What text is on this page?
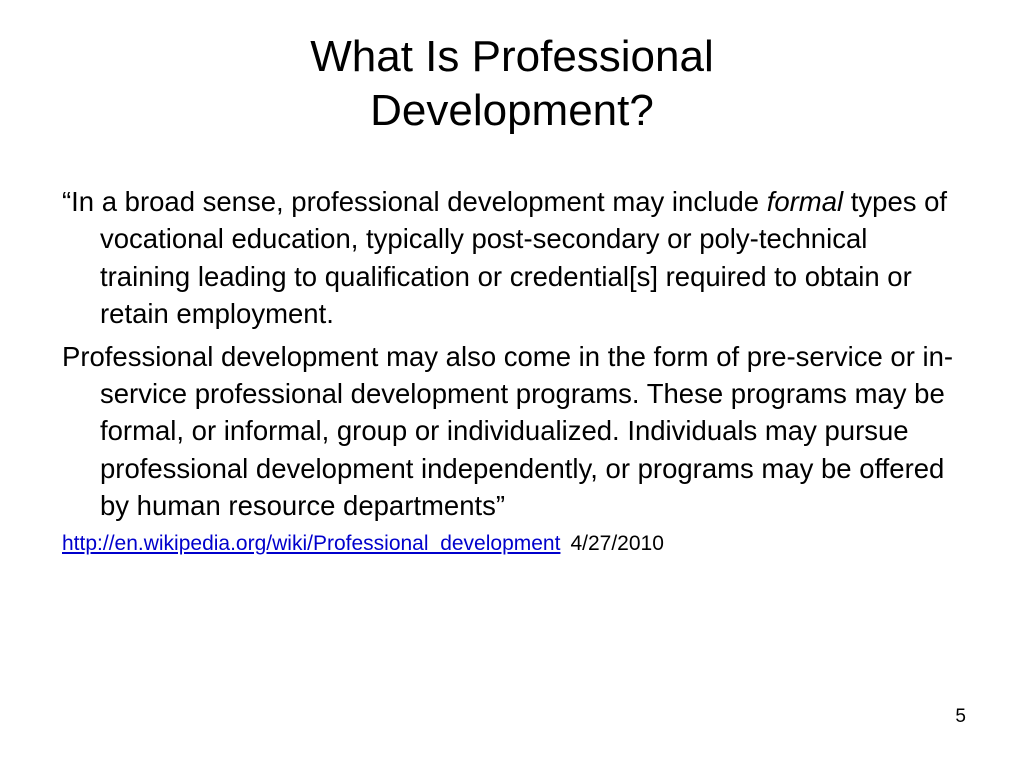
What Is Professional
Development?

“In a broad sense, professional development may include formal types of vocational education, typically post-secondary or poly-technical training leading to qualification or credential[s] required to obtain or retain employment.

Professional development may also come in the form of pre-service or in-service professional development programs. These programs may be formal, or informal, group or individualized. Individuals may pursue professional development independently, or programs may be offered by human resource departments”

http://en.wikipedia.org/wiki/Professional_development 4/27/2010
5
